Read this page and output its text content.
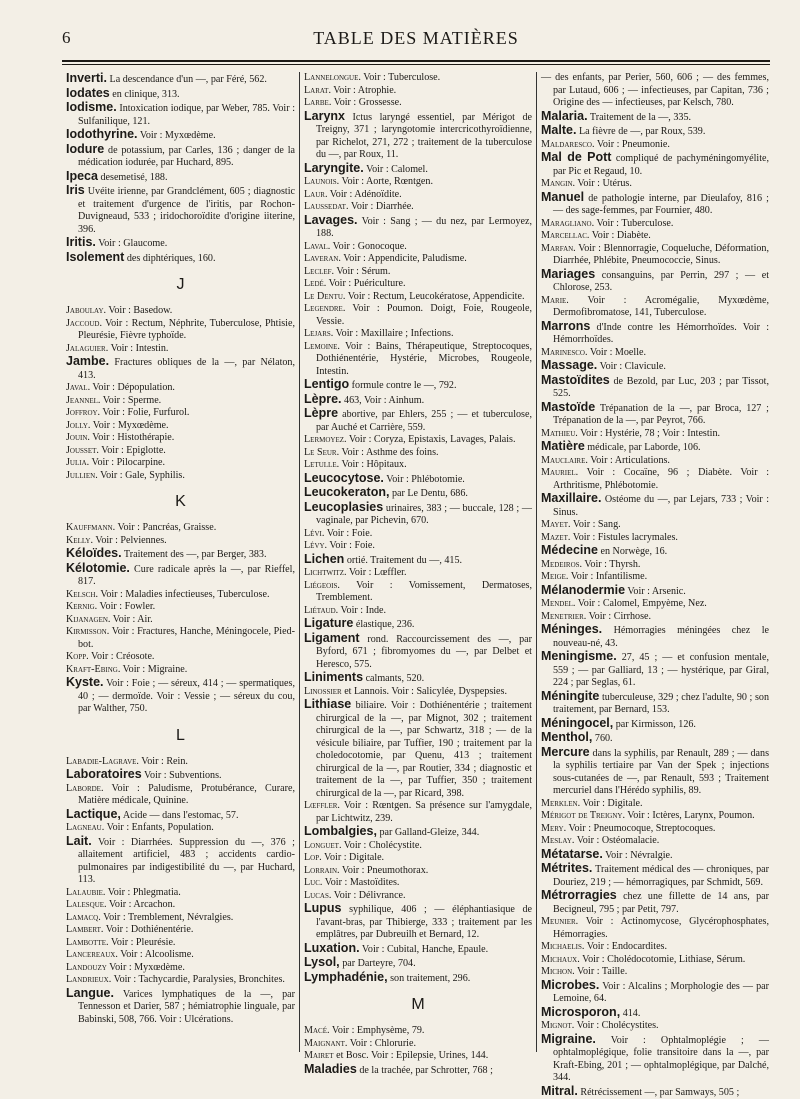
6	TABLE DES MATIÈRES

Inverti. La descendance d'un —, par Féré, 562.

Iodates en clinique, 313.

Iodisme. Intoxication iodique, par Weber, 785. Voir : Sulfanilique, 121.

Iodothyrine. Voir : Myxœdème.

Iodure de potassium, par Carles, 136 ; danger de la médication iodurée, par Huchard, 895.

Ipeca desemetisé, 188.

Iris Uvéite irienne, par Grandclément, 605 ; diagnostic et traitement d'urgence de l'iritis, par Rochon-Duvigneaud, 533 ; iridochoroïdite d'origine iiterine, 396.

Iritis. Voir : Glaucome.

Isolement des diphtériques, 160.

J

Jaboulay. Voir : Basedow.

Jaccoud. Voir : Rectum, Néphrite, Tuberculose, Phtisie, Pleurésie, Fièvre typhoïde.

Jalaguier. Voir : Intestin.

Jambe. Fractures obliques de la —, par Nélaton, 413.

Javal. Voir : Dépopulation.

Jeannel. Voir : Sperme.

Joffroy. Voir : Folie, Furfurol.

Jolly. Voir : Myxœdème.

Jouin. Voir : Histothérapie.

Jousset. Voir : Epiglotte.

Julia. Voir : Pilocarpine.

Jullien. Voir : Gale, Syphilis.

K

Kauffmann. Voir : Pancréas, Graisse.

Kelly. Voir : Pelviennes.

Kéloïdes. Traitement des —, par Berger, 383.

Kélotomie. Cure radicale après la —, par Rieffel, 817.

Kelsch. Voir : Maladies infectieuses, Tuberculose.

Kernig. Voir : Fowler.

Kijanagen. Voir : Air.

Kirmisson. Voir : Fractures, Hanche, Méningocele, Pied-bot.

Kopp. Voir : Créosote.

Kraft-Ebing. Voir : Migraine.

Kyste. Voir : Foie ; — séreux, 414 ; — spermatiques, 40 ; — dermoïde. Voir : Vessie ; — séreux du cou, par Walther, 750.

L

Labadie-Lagrave. Voir : Rein.

Laboratoires Voir : Subventions.

Laborde. Voir : Paludisme, Protubérance, Curare, Matière médicale, Quinine.

Lactique, Acide — dans l'estomac, 57.

Lagneau. Voir : Enfants, Population.

Lait. Voir : Diarrhées. Suppression du —, 376 ; allaitement artificiel, 483 ; accidents cardio-pulmonaires par indigestibilité du —, par Huchard, 113.

Lalaubie. Voir : Phlegmatia.

Lalesque. Voir : Arcachon.

Lamacq. Voir : Tremblement, Névralgies.

Lambert. Voir : Dothiénentérie.

Lambotte. Voir : Pleurésie.

Lancereaux. Voir : Alcoolisme.

Landouzy Voir : Myxœdème.

Landrieux. Voir : Tachycardie, Paralysies, Bronchites.

Langue. Varices lymphatiques de la —, par Tennesson et Darier, 587 ; hémiatrophie linguale, par Babinski, 508, 766. Voir : Ulcérations.

Lannelongue. Voir : Tuberculose.

Larat. Voir : Atrophie.

Larbe. Voir : Grossesse.

Larynx Ictus laryngé essentiel, par Mérigot de Treigny, 371 ; laryngotomie intercricothyroïdienne, par Richelot, 271, 272 ; traitement de la tuberculose du —, par Roux, 11.

Laryngite. Voir : Calomel.

Launois. Voir : Aorte, Rœntgen.

Laur. Voir : Adénoïdite.

Laussedat. Voir : Diarrhée.

Lavages. Voir : Sang ; — du nez, par Lermoyez, 188.

Laval. Voir : Gonocoque.

Laveran. Voir : Appendicite, Paludisme.

Leclef. Voir : Sérum.

Ledé. Voir : Puériculture.

Le Dentu. Voir : Rectum, Leucokératose, Appendicite.

Legendre. Voir : Poumon. Doigt, Foie, Rougeole, Vessie.

Lejars. Voir : Maxillaire ; Infections.

Lemoine. Voir : Bains, Thérapeutique, Streptocoques, Dothiénentérie, Hystérie, Microbes, Rougeole, Intestin.

Lentigo formule contre le —, 792.

Lèpre. 463, Voir : Ainhum.

Lèpre abortive, par Ehlers, 255 ; — et tuberculose, par Auché et Carrière, 559.

Lermoyez. Voir : Coryza, Epistaxis, Lavages, Palais.

Le Seur. Voir : Asthme des foins.

Letulle. Voir : Hôpitaux.

Leucocytose. Voir : Phlébotomie.

Leucokeraton, par Le Dentu, 686.

Leucoplasies urinaires, 383 ; — buccale, 128 ; — vaginale, par Pichevin, 670.

Lévi. Voir : Foie.

Lévy. Voir : Foie.

Lichen ortié. Traitement du —, 415.

Lichtwitz. Voir : Lœffler.

Liégeois. Voir : Vomissement, Dermatoses, Tremblement.

Liétaud. Voir : Inde.

Ligature élastique, 236.

Ligament rond. Raccourcissement des —, par Byford, 671 ; fibromyomes du —, par Delbet et Heresco, 575.

Liniments calmants, 520.

Linossier et Lannois. Voir : Salicylée, Dyspepsies.

Lithiase biliaire. Voir : Dothiénentérie ; traitement chirurgical de la —, par Mignot, 302 ; traitement chirurgical de la —, par Schwartz, 318 ; — de la vésicule biliaire, par Tuffier, 190 ; traitement par la choledocotomie, par Quenu, 413 ; traitement chirurgical de la —, par Routier, 334 ; diagnostic et traitement de la —, par Tuffier, 350 ; traitement chirurgical de la —, par Ricard, 398.

Lœffler. Voir : Rœntgen. Sa présence sur l'amygdale, par Lichtwitz, 239.

Lombalgies, par Galland-Gleize, 344.

Longuet. Voir : Cholécystite.

Lop. Voir : Digitale.

Lorrain. Voir : Pneumothorax.

Luc. Voir : Mastoïdites.

Lucas. Voir : Délivrance.

Lupus syphilique, 406 ; — éléphantiasique de l'avant-bras, par Thibierge, 333 ; traitement par les emplâtres, par Dubreuilh et Bernard, 12.

Luxation. Voir : Cubital, Hanche, Epaule.

Lysol, par Darteyre, 704.

Lymphadénie, son traitement, 296.

M

Macé. Voir : Emphysème, 79.

Maignant. Voir : Chlorurie.

Mairet et Bosc. Voir : Epilepsie, Urines, 144.

Maladies de la trachée, par Schrotter, 768 ;

— des enfants, par Perier, 560, 606 ; — des femmes, par Lutaud, 606 ; — infectieuses, par Capitan, 736 ; Origine des — infectieuses, par Kelsch, 780.

Malaria. Traitement de la —, 335.

Malte. La fièvre de —, par Roux, 539.

Maldaresco. Voir : Pneumonie.

Mal de Pott compliqué de pachyméningomyélite, par Pic et Regaud, 10.

Mangin. Voir : Utérus.

Manuel de pathologie interne, par Dieulafoy, 816 ; — des sage-femmes, par Fournier, 480.

Maragliano. Voir : Tuberculose.

Marcellac. Voir : Diabète.

Marfan. Voir : Blennorragie, Coqueluche, Déformation, Diarrhée, Phlébite, Pneumococcie, Sinus.

Mariages consanguins, par Perrin, 297 ; — et Chlorose, 253.

Marie. Voir : Acromégalie, Myxœdème, Dermofibromatose, 141, Tuberculose.

Marrons d'Inde contre les Hémorrhoïdes. Voir : Hémorrhoïdes.

Marinesco. Voir : Moelle.

Massage. Voir : Clavicule.

Mastoïdites de Bezold, par Luc, 203 ; par Tissot, 525.

Mastoïde Trépanation de la —, par Broca, 127 ; Trépanation de la —, par Peyrot, 766.

Mathieu. Voir : Hystérie, 78 ; Voir : Intestin.

Matière médicale, par Laborde, 106.

Mauclaire. Voir : Articulations.

Mauriel. Voir : Cocaïne, 96 ; Diabète. Voir : Arthritisme, Phlébotomie.

Maxillaire. Ostéome du —, par Lejars, 733 ; Voir : Sinus.

Mayet. Voir : Sang.

Mazet. Voir : Fistules lacrymales.

Médecine en Norwège, 16.

Medeiros. Voir : Thyrsh.

Meige. Voir : Infantilisme.

Mélanodermie Voir : Arsenic.

Mendel. Voir : Calomel, Empyème, Nez.

Menetrier. Voir : Cirrhose.

Méninges. Hémorragies méningées chez le nouveau-né, 43.

Meningisme. 27, 45 ; — et confusion mentale, 559 ; — par Galliard, 13 ; — hystérique, par Giral, 224 ; par Seglas, 61.

Méningite tuberculeuse, 329 ; chez l'adulte, 90 ; son traitement, par Bernard, 153.

Méningocel, par Kirmisson, 126.

Menthol, 760.

Mercure dans la syphilis, par Renault, 289 ; — dans la syphilis tertiaire par Van der Spek ; injections sous-cutanées de —, par Renault, 593 ; Traitement mercuriel dans l'Hérédo syphilis, 89.

Merklen. Voir : Digitale.

Mérigot de Treigny. Voir : Ictères, Larynx, Poumon.

Mery. Voir : Pneumocoque, Streptocoques.

Meslay. Voir : Ostéomalacie.

Métatarse. Voir : Névralgie.

Métrites. Traitement médical des — chroniques, par Douriez, 219 ; — hémorragiques, par Schmidt, 569.

Métrorragies chez une fillette de 14 ans, par Becigneul, 795 ; par Petit, 797.

Meunier. Voir : Actinomycose, Glycérophosphates, Hémorragies.

Michaelis. Voir : Endocardites.

Michaux. Voir : Cholédocotomie, Lithiase, Sérum.

Michon. Voir : Taille.

Microbes. Voir : Alcalins ; Morphologie des — par Lemoine, 64.

Microsporon, 414.

Mignot. Voir : Cholécystites.

Migraine. Voir : Ophtalmoplégie ; — ophtalmoplégique, folie transitoire dans la —, par Kraft-Ebing, 201 ; — ophtalmoplégique, par Dalché, 344.

Mitral. Rétrécissement —, par Samways, 505 ;
